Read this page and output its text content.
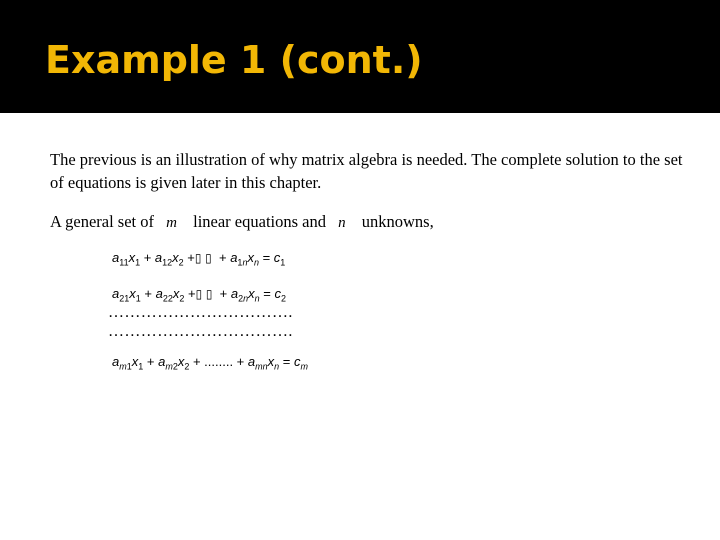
Example 1 (cont.)
The previous is an illustration of why matrix algebra is needed. The complete solution to the set of equations is given later in this chapter.
A general set of m linear equations and n unknowns,
$a_{11}x_1 + a_{12}x_2$ +▯ ▯  + $a_{1n}x_n = c_1$
$a_{21}x_1 + a_{22}x_2$ +▯ ▯  + $a_{2n}x_n = c_2$
…………………………….
…………………………….
$a_{m1}x_1 + a_{m2}x_2$ + ........ + $a_{mn}x_n = c_m$
